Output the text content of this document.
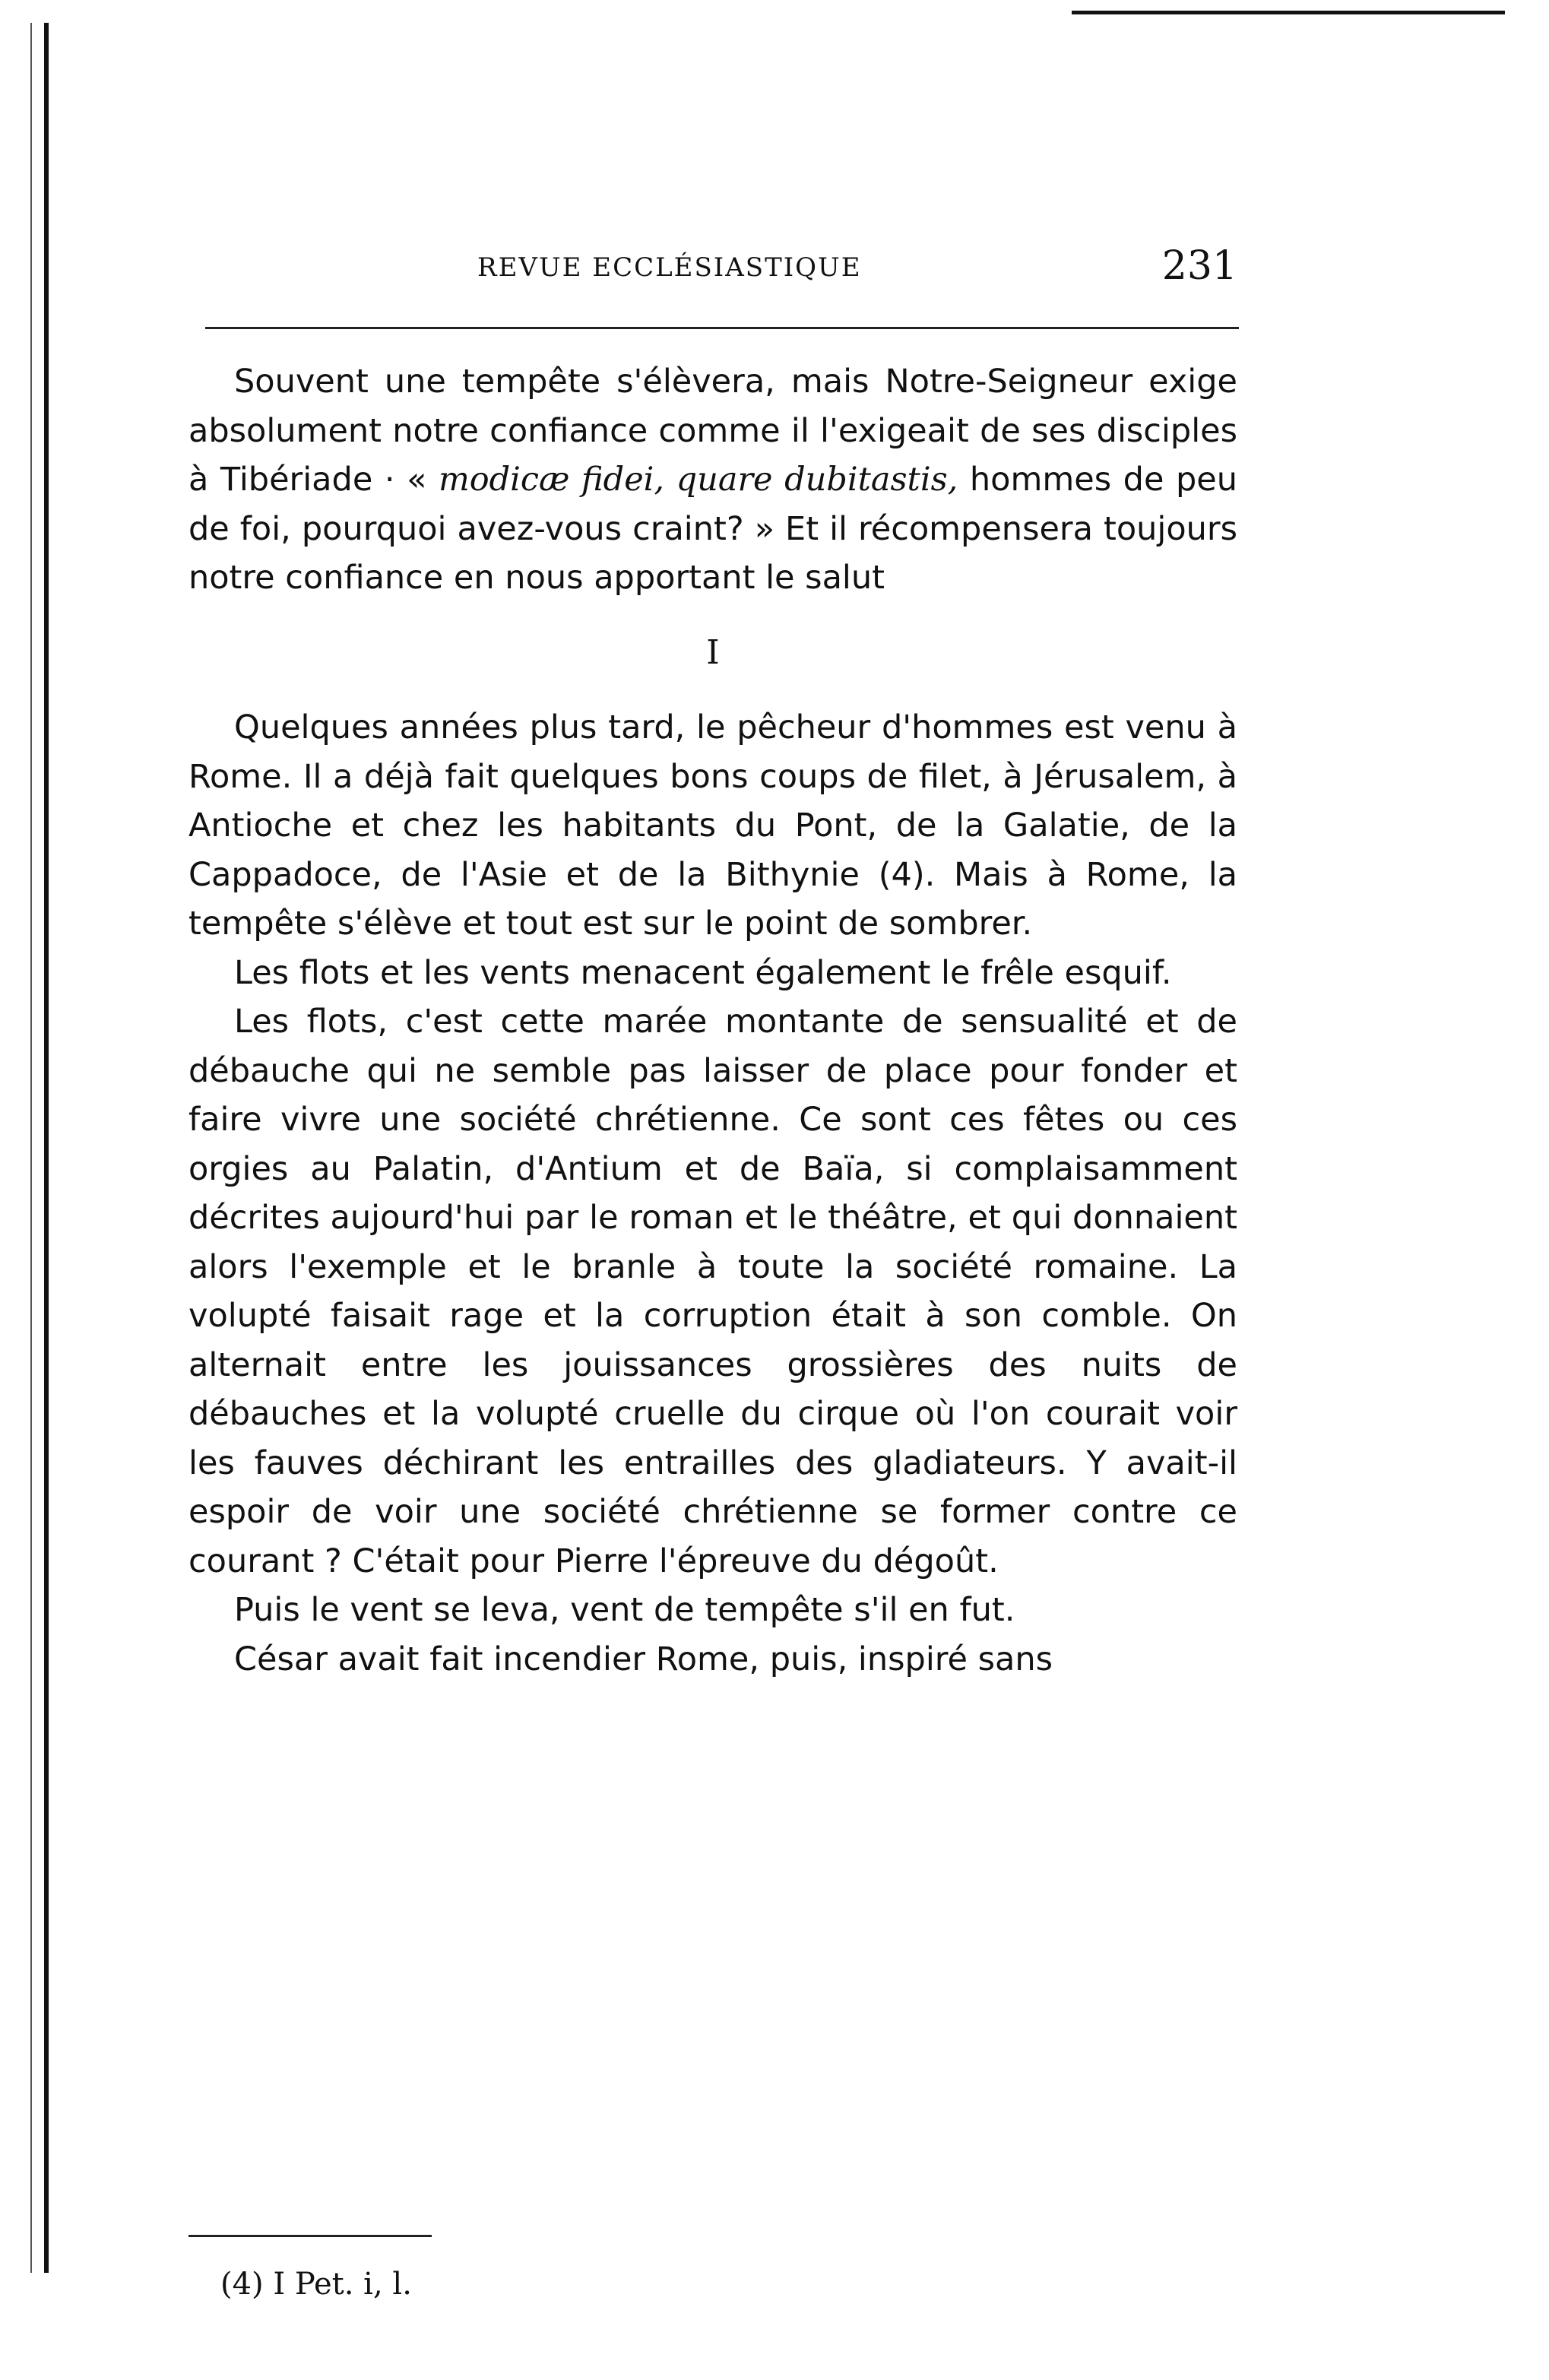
REVUE ECCLÉSIASTIQUE	231

Souvent une tempête s'élèvera, mais Notre-Seigneur exige absolument notre confiance comme il l'exigeait de ses disciples à Tibériade · « modicæ fidei, quare dubitastis, hommes de peu de foi, pourquoi avez-vous craint? » Et il récompensera toujours notre confiance en nous apportant le salut

I

Quelques années plus tard, le pêcheur d'hommes est venu à Rome. Il a déjà fait quelques bons coups de filet, à Jérusalem, à Antioche et chez les habitants du Pont, de la Galatie, de la Cappadoce, de l'Asie et de la Bithynie (4). Mais à Rome, la tempête s'élève et tout est sur le point de sombrer.

Les flots et les vents menacent également le frêle esquif.

Les flots, c'est cette marée montante de sensualité et de débauche qui ne semble pas laisser de place pour fonder et faire vivre une société chrétienne. Ce sont ces fêtes ou ces orgies au Palatin, d'Antium et de Baïa, si complaisamment décrites aujourd'hui par le roman et le théâtre, et qui donnaient alors l'exemple et le branle à toute la société romaine. La volupté faisait rage et la corruption était à son comble. On alternait entre les jouissances grossières des nuits de débauches et la volupté cruelle du cirque où l'on courait voir les fauves déchirant les entrailles des gladiateurs. Y avait-il espoir de voir une société chrétienne se former contre ce courant ? C'était pour Pierre l'épreuve du dégoût.

Puis le vent se leva, vent de tempête s'il en fut.

César avait fait incendier Rome, puis, inspiré sans

(4) I Pet. i, l.
